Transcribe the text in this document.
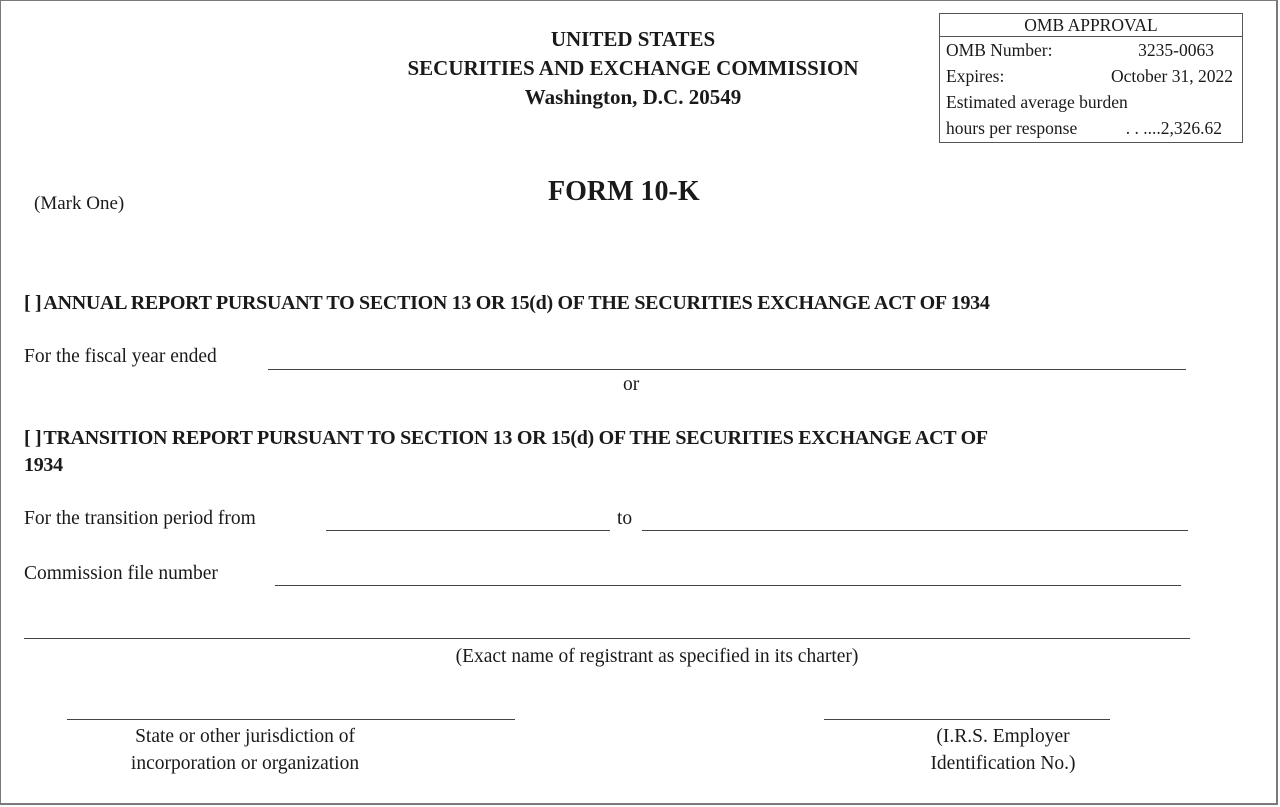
UNITED STATES
SECURITIES AND EXCHANGE COMMISSION
Washington, D.C. 20549
OMB APPROVAL
OMB Number:	3235-0063
Expires:	October 31, 2022
Estimated average burden
hours per response	. . ....2,326.62
(Mark One)	FORM 10-K
[ ] ANNUAL REPORT PURSUANT TO SECTION 13 OR 15(d) OF THE SECURITIES EXCHANGE ACT OF 1934
For the fiscal year ended
or
[ ] TRANSITION REPORT PURSUANT TO SECTION 13 OR 15(d) OF THE SECURITIES EXCHANGE ACT OF
1934
For the transition period from	to
Commission file number
(Exact name of registrant as specified in its charter)
State or other jurisdiction of
incorporation or organization
(I.R.S. Employer
Identification No.)
